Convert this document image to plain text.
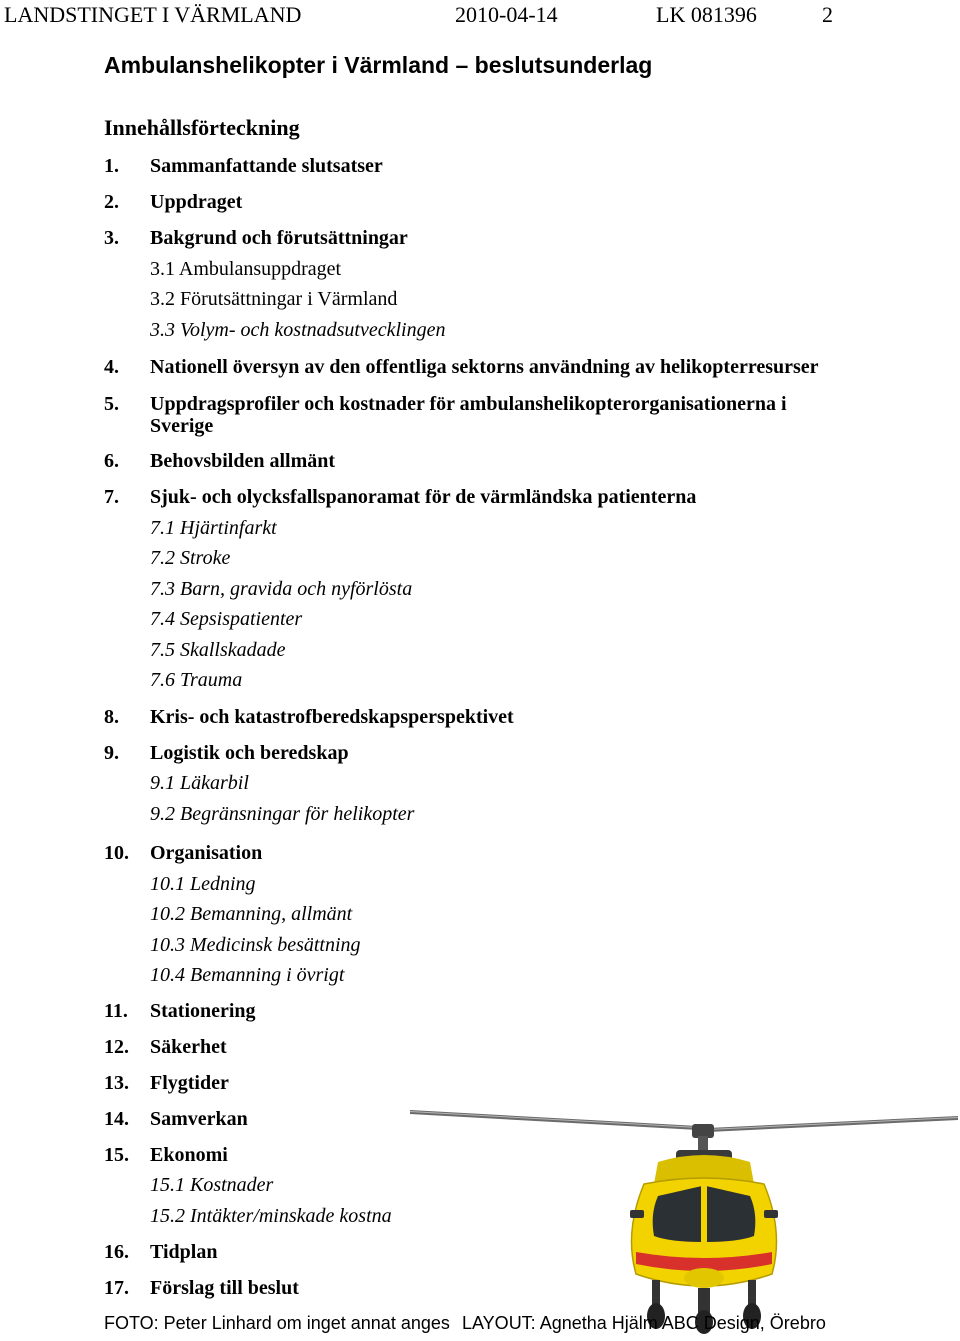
LANDSTINGET I VÄRMLAND	2010-04-14	LK 081396	2
Ambulanshelikopter i Värmland – beslutsunderlag
Innehållsförteckning
1. Sammanfattande slutsatser
2. Uppdraget
3. Bakgrund och förutsättningar
3.1 Ambulansuppdraget
3.2 Förutsättningar i Värmland
3.3 Volym- och kostnadsutvecklingen
4. Nationell översyn av den offentliga sektorns användning av helikopterresurser
5. Uppdragsprofiler och kostnader för ambulanshelikopterorganisationerna i
Sverige
6. Behovsbilden allmänt
7. Sjuk- och olycksfallspanoramat för de värmländska patienterna
7.1 Hjärtinfarkt
7.2 Stroke
7.3 Barn, gravida och nyförlösta
7.4 Sepsispatienter
7.5 Skallskadade
7.6 Trauma
8. Kris- och katastrofberedskapsperspektivet
9. Logistik och beredskap
9.1 Läkarbil
9.2 Begränsningar för helikopter
10. Organisation
10.1 Ledning
10.2 Bemanning, allmänt
10.3 Medicinsk besättning
10.4 Bemanning i övrigt
11. Stationering
12. Säkerhet
13. Flygtider
14. Samverkan
15. Ekonomi
15.1 Kostnader
15.2 Intäkter/minskade kostna
16. Tidplan
17. Förslag till beslut
FOTO: Peter Linhard om inget annat anges LAYOUT: Agnetha Hjälm ABC Design, Örebro
